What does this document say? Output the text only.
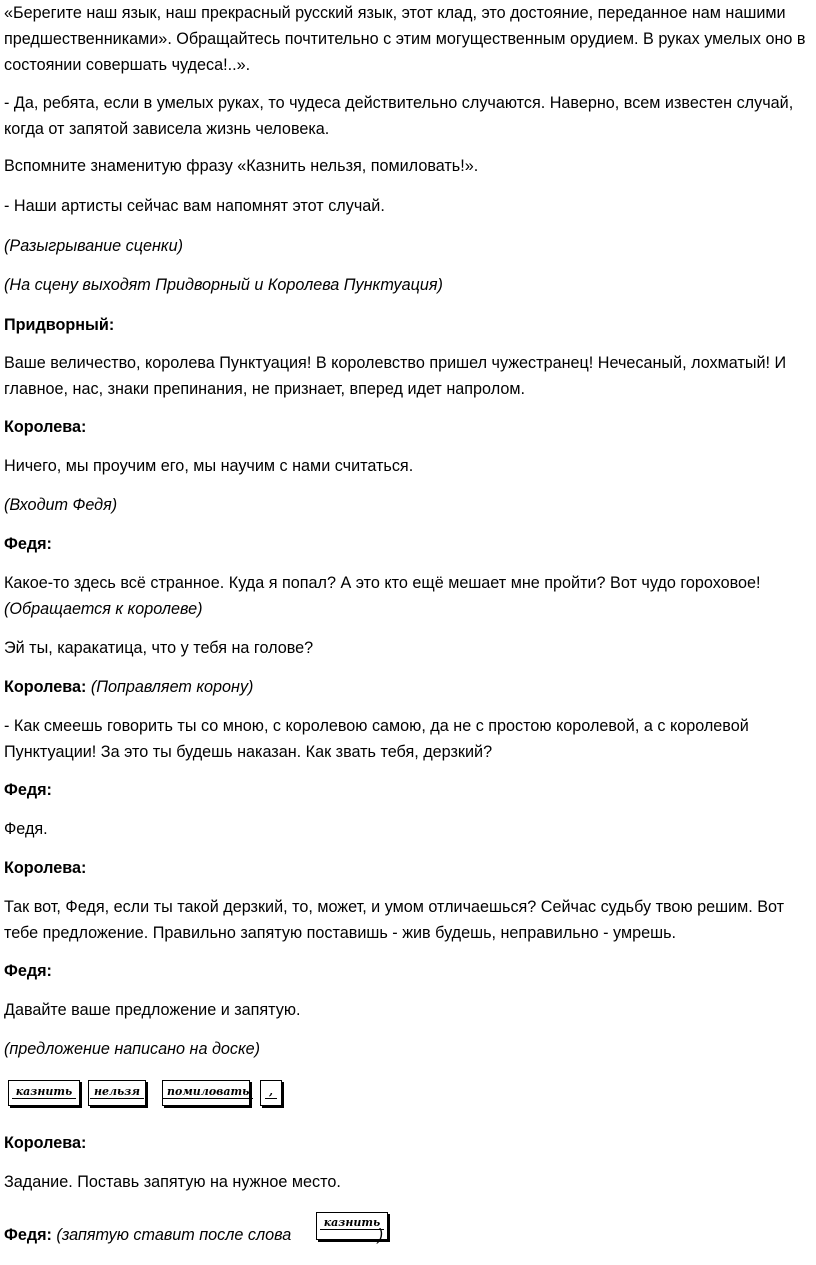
«Берегите наш язык, наш прекрасный русский язык, этот клад, это достояние, переданное нам нашими предшественниками». Обращайтесь почтительно с этим могущественным орудием. В руках умелых оно в состоянии совершать чудеса!..».

- Да, ребята, если в умелых руках, то чудеса действительно случаются. Наверно, всем известен случай, когда от запятой зависела жизнь человека.

Вспомните знаменитую фразу «Казнить нельзя, помиловать!».

- Наши артисты сейчас вам напомнят этот случай.

(Разыгрывание сценки)

(На сцену выходят Придворный и Королева Пунктуация)

Придворный:

Ваше величество, королева Пунктуация! В королевство пришел чужестранец! Нечесаный, лохматый! И главное, нас, знаки препинания, не признает, вперед идет напролом.

Королева:

Ничего, мы проучим его, мы научим с нами считаться.

(Входит Федя)

Федя:

Какое-то здесь всё странное. Куда я попал? А это кто ещё мешает мне пройти? Вот чудо гороховое! (Обращается к королеве)

Эй ты, каракатица, что у тебя на голове?

Королева: (Поправляет корону)

- Как смеешь говорить ты со мною, с королевою самою, да не с простою королевой, а с королевой Пунктуации! За это ты будешь наказан. Как звать тебя, дерзкий?

Федя:

Федя.

Королева:

Так вот, Федя, если ты такой дерзкий, то, может, и умом отличаешься? Сейчас судьбу твою решим. Вот тебе предложение. Правильно запятую поставишь - жив будешь, неправильно - умрешь.

Федя:

Давайте ваше предложение и запятую.

(предложение написано на доске)

Королева:

Задание. Поставь запятую на нужное место.

Федя: (запятую ставит после слова	)

казнить	нельзя	помиловать	,
казнить
